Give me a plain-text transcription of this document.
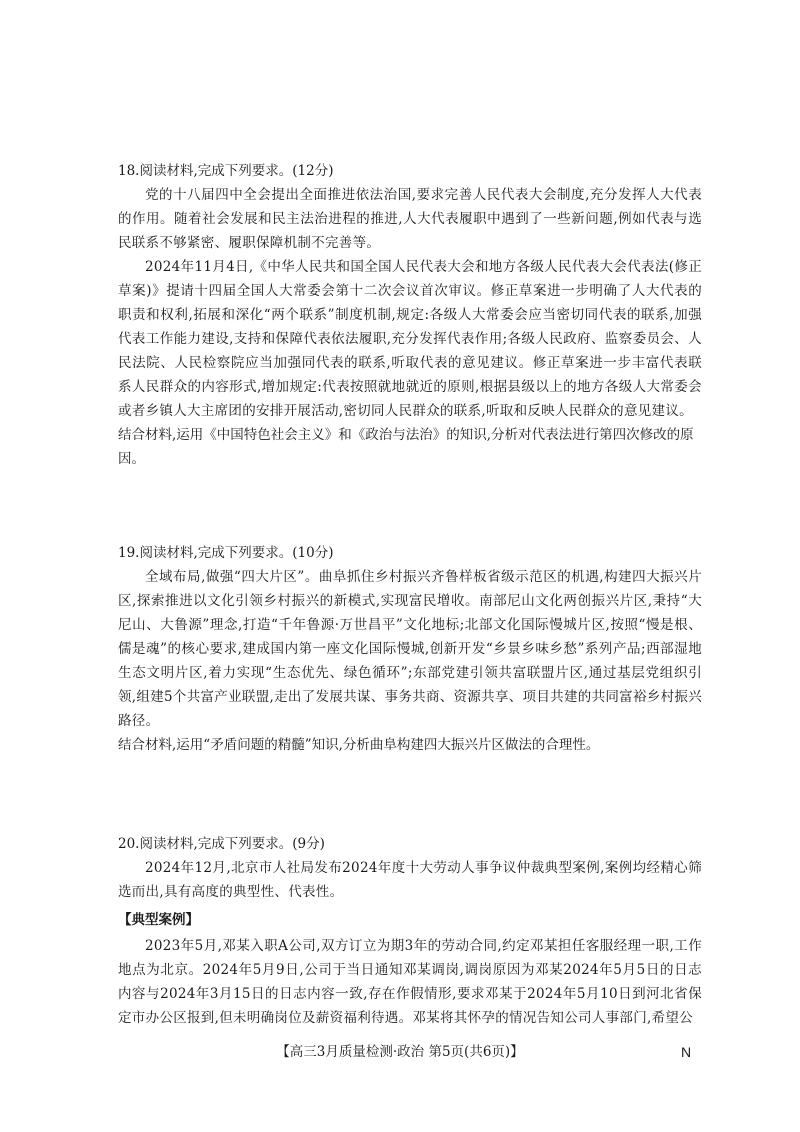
18.阅读材料,完成下列要求。(12分)

党的十八届四中全会提出全面推进依法治国,要求完善人民代表大会制度,充分发挥人大代表的作用。随着社会发展和民主法治进程的推进,人大代表履职中遇到了一些新问题,例如代表与选民联系不够紧密、履职保障机制不完善等。

2024年11月4日,《中华人民共和国全国人民代表大会和地方各级人民代表大会代表法(修正草案)》提请十四届全国人大常委会第十二次会议首次审议。修正草案进一步明确了人大代表的职责和权利,拓展和深化“两个联系”制度机制,规定:各级人大常委会应当密切同代表的联系,加强代表工作能力建设,支持和保障代表依法履职,充分发挥代表作用;各级人民政府、监察委员会、人民法院、人民检察院应当加强同代表的联系,听取代表的意见建议。修正草案进一步丰富代表联系人民群众的内容形式,增加规定:代表按照就地就近的原则,根据县级以上的地方各级人大常委会或者乡镇人大主席团的安排开展活动,密切同人民群众的联系,听取和反映人民群众的意见建议。

结合材料,运用《中国特色社会主义》和《政治与法治》的知识,分析对代表法进行第四次修改的原因。

19.阅读材料,完成下列要求。(10分)

全域布局,做强“四大片区”。曲阜抓住乡村振兴齐鲁样板省级示范区的机遇,构建四大振兴片区,探索推进以文化引领乡村振兴的新模式,实现富民增收。南部尼山文化两创振兴片区,秉持“大尼山、大鲁源”理念,打造“千年鲁源·万世昌平”文化地标;北部文化国际慢城片区,按照“慢是根、儒是魂”的核心要求,建成国内第一座文化国际慢城,创新开发“乡景乡味乡愁”系列产品;西部湿地生态文明片区,着力实现“生态优先、绿色循环”;东部党建引领共富联盟片区,通过基层党组织引领,组建5个共富产业联盟,走出了发展共谋、事务共商、资源共享、项目共建的共同富裕乡村振兴路径。

结合材料,运用“矛盾问题的精髓”知识,分析曲阜构建四大振兴片区做法的合理性。

20.阅读材料,完成下列要求。(9分)

2024年12月,北京市人社局发布2024年度十大劳动人事争议仲裁典型案例,案例均经精心筛选而出,具有高度的典型性、代表性。

【典型案例】

2023年5月,邓某入职A公司,双方订立为期3年的劳动合同,约定邓某担任客服经理一职,工作地点为北京。2024年5月9日,公司于当日通知邓某调岗,调岗原因为邓某2024年5月5日的日志内容与2024年3月15日的日志内容一致,存在作假情形,要求邓某于2024年5月10日到河北省保定市办公区报到,但未明确岗位及薪资福利待遇。邓某将其怀孕的情况告知公司人事部门,希望公

【高三3月质量检测·政治 第5页(共6页)】	N
